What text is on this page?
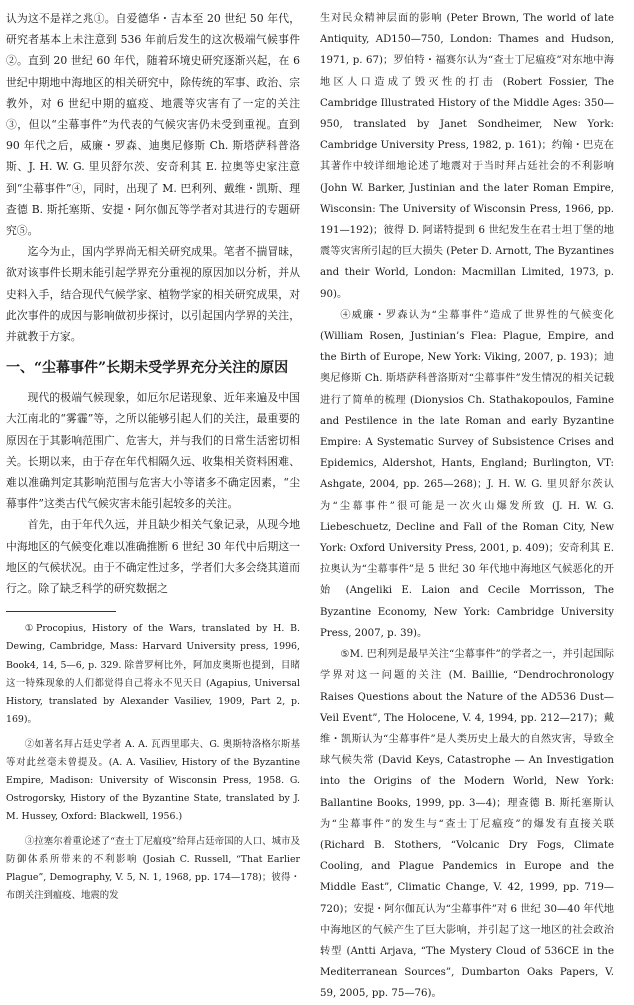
认为这不是祥之兆①。自爱德华・吉本至 20 世纪 50 年代，研究者基本上未注意到 536 年前后发生的这次极端气候事件②。直到 20 世纪 60 年代，随着环境史研究逐渐兴起，在 6 世纪中期地中海地区的相关研究中，除传统的军事、政治、宗教外，对 6 世纪中期的瘟疫、地震等灾害有了一定的关注③，但以“尘幕事件”为代表的气候灾害仍未受到重视。直到 90 年代之后，威廉・罗森、迪奥尼修斯 Ch. 斯塔萨科普洛斯、J. H. W. G. 里贝舒尔茨、安奇利其 E. 拉奥等史家注意到“尘幕事件”④，同时，出现了 M. 巴利列、戴维・凯斯、理查德 B. 斯托塞斯、安提・阿尔伽瓦等学者对其进行的专题研究⑤。

迄今为止，国内学界尚无相关研究成果。笔者不揣冒昧，欲对该事件长期未能引起学界充分重视的原因加以分析，并从史料入手，结合现代气候学家、植物学家的相关研究成果，对此次事件的成因与影响做初步探讨，以引起国内学界的关注，并就教于方家。

一、“尘幕事件”长期未受学界充分关注的原因

现代的极端气候现象，如厄尔尼诺现象、近年来遍及中国大江南北的“雾霾”等，之所以能够引起人们的关注，最重要的原因在于其影响范围广、危害大，并与我们的日常生活密切相关。长期以来，由于存在年代相隔久远、收集相关资料困难、难以准确判定其影响范围与危害大小等诸多不确定因素，“尘幕事件”这类古代气候灾害未能引起较多的关注。

首先，由于年代久远，并且缺少相关气象记录，从现今地中海地区的气候变化难以准确推断 6 世纪 30 年代中后期这一地区的气候状况。由于不确定性过多，学者们大多会绕其道而行之。除了缺乏科学的研究数据之

①Procopius, History of the Wars, translated by H. B. Dewing, Cambridge, Mass: Harvard University press, 1996, Book4, 14, 5—6, p. 329. 除普罗柯比外，阿加皮奥斯也提到，目睹这一特殊现象的人们都觉得自己将永不见天日 (Agapius, Universal History, translated by Alexander Vasiliev, 1909, Part 2, p. 169)。

②如著名拜占廷史学者 A. A. 瓦西里耶夫、G. 奥斯特洛格尔斯基等对此丝毫未曾提及。(A. A. Vasiliev, History of the Byzantine Empire, Madison: University of Wisconsin Press, 1958. G. Ostrogorsky, History of the Byzantine State, translated by J. M. Hussey, Oxford: Blackwell, 1956.)

③拉塞尔着重论述了“查士丁尼瘟疫”给拜占廷帝国的人口、城市及防御体系所带来的不利影响 (Josiah C. Russell, “That Earlier Plague”, Demography, V. 5, N. 1, 1968, pp. 174—178)；彼得・布朗关注到瘟疫、地震的发

生对民众精神层面的影响 (Peter Brown, The world of late Antiquity, AD150—750, London: Thames and Hudson, 1971, p. 67)；罗伯特・福赛尔认为“查士丁尼瘟疫”对东地中海地区人口造成了毁灭性的打击 (Robert Fossier, The Cambridge Illustrated History of the Middle Ages: 350—950, translated by Janet Sondheimer, New York: Cambridge University Press, 1982, p. 161)；约翰・巴克在其著作中较详细地论述了地震对于当时拜占廷社会的不利影响 (John W. Barker, Justinian and the later Roman Empire, Wisconsin: The University of Wisconsin Press, 1966, pp. 191—192)；彼得 D. 阿诺特提到 6 世纪发生在君士坦丁堡的地震等灾害所引起的巨大损失 (Peter D. Arnott, The Byzantines and their World, London: Macmillan Limited, 1973, p. 90)。

④威廉・罗森认为“尘幕事件”造成了世界性的气候变化 (William Rosen, Justinian’s Flea: Plague, Empire, and the Birth of Europe, New York: Viking, 2007, p. 193)；迪奥尼修斯 Ch. 斯塔萨科普洛斯对“尘幕事件”发生情况的相关记载进行了简单的梳理 (Dionysios Ch. Stathakopoulos, Famine and Pestilence in the late Roman and early Byzantine Empire: A Systematic Survey of Subsistence Crises and Epidemics, Aldershot, Hants, England; Burlington, VT: Ashgate, 2004, pp. 265—268)；J. H. W. G. 里贝舒尔茨认为“尘幕事件”很可能是一次火山爆发所致 (J. H. W. G. Liebeschuetz, Decline and Fall of the Roman City, New York: Oxford University Press, 2001, p. 409)；安奇利其 E. 拉奥认为“尘幕事件”是 5 世纪 30 年代地中海地区气候恶化的开始 (Angeliki E. Laion and Cecile Morrisson, The Byzantine Economy, New York: Cambridge University Press, 2007, p. 39)。

⑤M. 巴利列是最早关注“尘幕事件”的学者之一，并引起国际学界对这一问题的关注 (M. Baillie, “Dendrochronology Raises Questions about the Nature of the AD536 Dust—Veil Event”, The Holocene, V. 4, 1994, pp. 212—217)；戴维・凯斯认为“尘幕事件”是人类历史上最大的自然灾害，导致全球气候失常 (David Keys, Catastrophe — An Investigation into the Origins of the Modern World, New York: Ballantine Books, 1999, pp. 3—4)；理查德 B. 斯托塞斯认为“尘幕事件”的发生与“查士丁尼瘟疫”的爆发有直接关联 (Richard B. Stothers, “Volcanic Dry Fogs, Climate Cooling, and Plague Pandemics in Europe and the Middle East”, Climatic Change, V. 42, 1999, pp. 719—720)；安提・阿尔伽瓦认为“尘幕事件”对 6 世纪 30—40 年代地中海地区的气候产生了巨大影响，并引起了这一地区的社会政治转型 (Antti Arjava, “The Mystery Cloud of 536CE in the Mediterranean Sources”, Dumbarton Oaks Papers, V. 59, 2005, pp. 75—76)。
